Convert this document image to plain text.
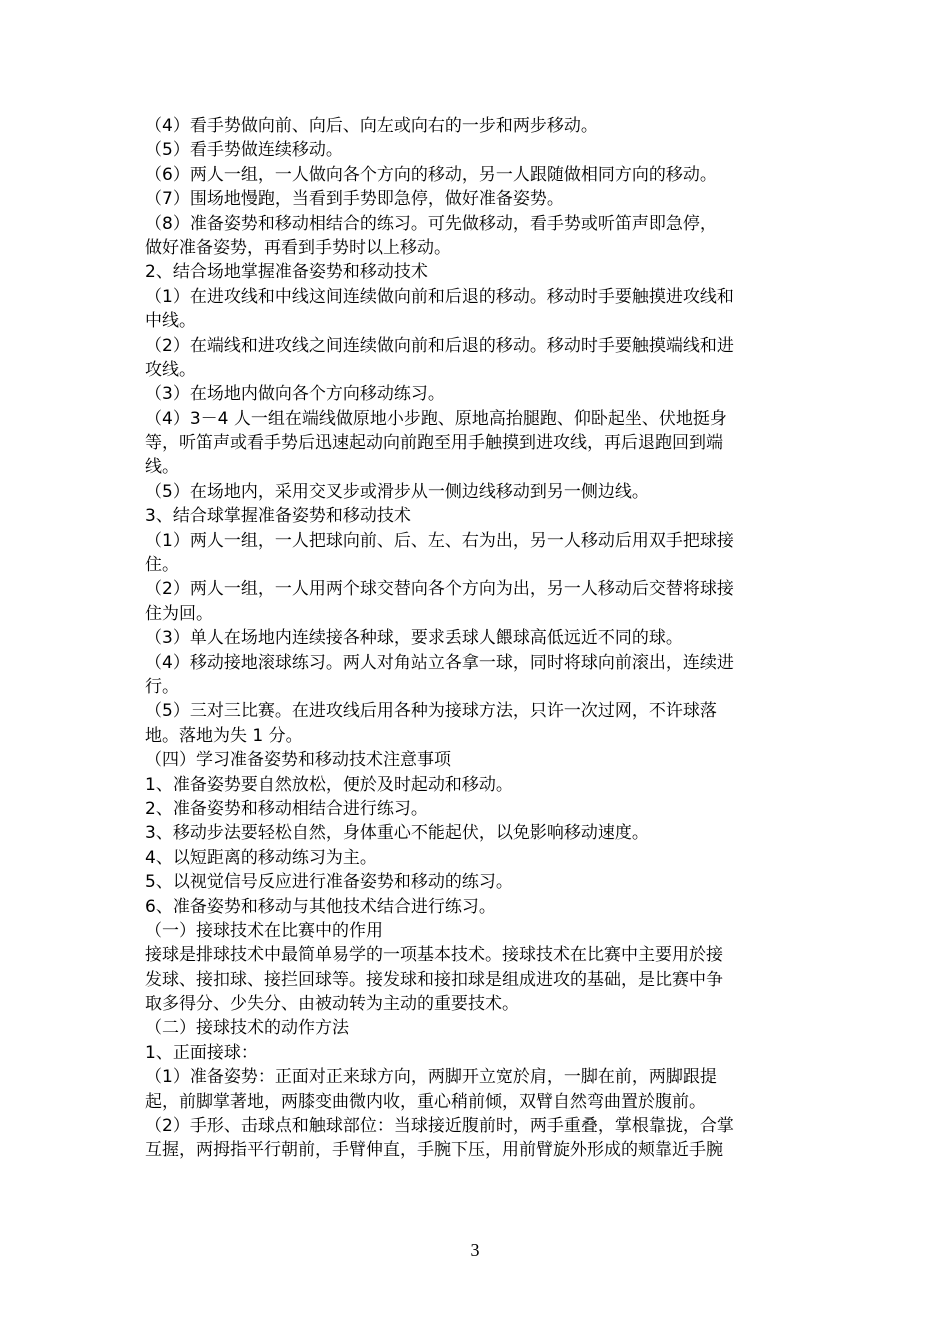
（4）看手势做向前、向后、向左或向右的一步和两步移动。
（5）看手势做连续移动。
（6）两人一组，一人做向各个方向的移动，另一人跟随做相同方向的移动。
（7）围场地慢跑，当看到手势即急停，做好准备姿势。
（8）准备姿势和移动相结合的练习。可先做移动，看手势或听笛声即急停，
做好准备姿势，再看到手势时以上移动。
2、结合场地掌握准备姿势和移动技术
（1）在进攻线和中线这间连续做向前和后退的移动。移动时手要触摸进攻线和
中线。
（2）在端线和进攻线之间连续做向前和后退的移动。移动时手要触摸端线和进
攻线。
（3）在场地内做向各个方向移动练习。
（4）3－4 人一组在端线做原地小步跑、原地高抬腿跑、仰卧起坐、伏地挺身
等，听笛声或看手势后迅速起动向前跑至用手触摸到进攻线，再后退跑回到端
线。
（5）在场地内，采用交叉步或滑步从一侧边线移动到另一侧边线。
3、结合球掌握准备姿势和移动技术
（1）两人一组，一人把球向前、后、左、右为出，另一人移动后用双手把球接
住。
（2）两人一组，一人用两个球交替向各个方向为出，另一人移动后交替将球接
住为回。
（3）单人在场地内连续接各种球，要求丢球人餵球高低远近不同的球。
（4）移动接地滚球练习。两人对角站立各拿一球，同时将球向前滚出，连续进
行。
（5）三对三比赛。在进攻线后用各种为接球方法，只许一次过网，不许球落
地。落地为失 1 分。
（四）学习准备姿势和移动技术注意事项
1、准备姿势要自然放松，便於及时起动和移动。
2、准备姿势和移动相结合进行练习。
3、移动步法要轻松自然，身体重心不能起伏，以免影响移动速度。
4、以短距离的移动练习为主。
5、以视觉信号反应进行准备姿势和移动的练习。
6、准备姿势和移动与其他技术结合进行练习。
（一）接球技术在比赛中的作用
接球是排球技术中最简单易学的一项基本技术。接球技术在比赛中主要用於接
发球、接扣球、接拦回球等。接发球和接扣球是组成进攻的基础，是比赛中争
取多得分、少失分、由被动转为主动的重要技术。
（二）接球技术的动作方法
1、正面接球：
（1）准备姿势：正面对正来球方向，两脚开立宽於肩，一脚在前，两脚跟提
起，前脚掌著地，两膝变曲微内收，重心稍前倾，双臂自然弯曲置於腹前。
（2）手形、击球点和触球部位：当球接近腹前时，两手重叠，掌根靠拢，合掌
互握，两拇指平行朝前，手臂伸直，手腕下压，用前臂旋外形成的颊靠近手腕
3
